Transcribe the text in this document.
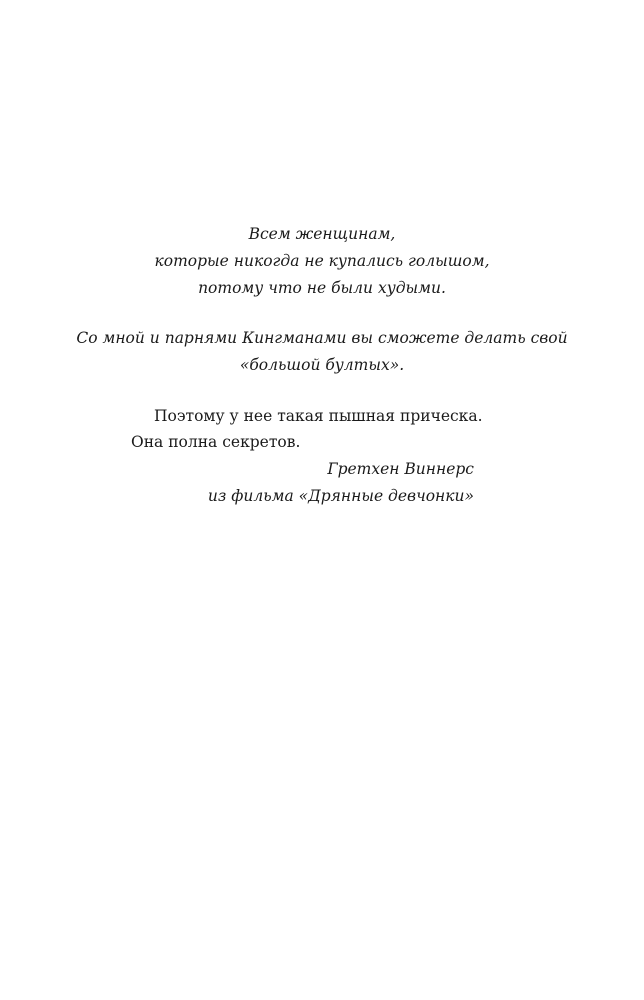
Всем женщинам,
которые никогда не купались голышом,
потому что не были худыми.
Со мной и парнями Кингманами вы сможете делать свой
«большой бултых».
Поэтому у нее такая пышная прическа.
Она полна секретов.
Гретхен Виннерс
из фильма «Дрянные девчонки»
